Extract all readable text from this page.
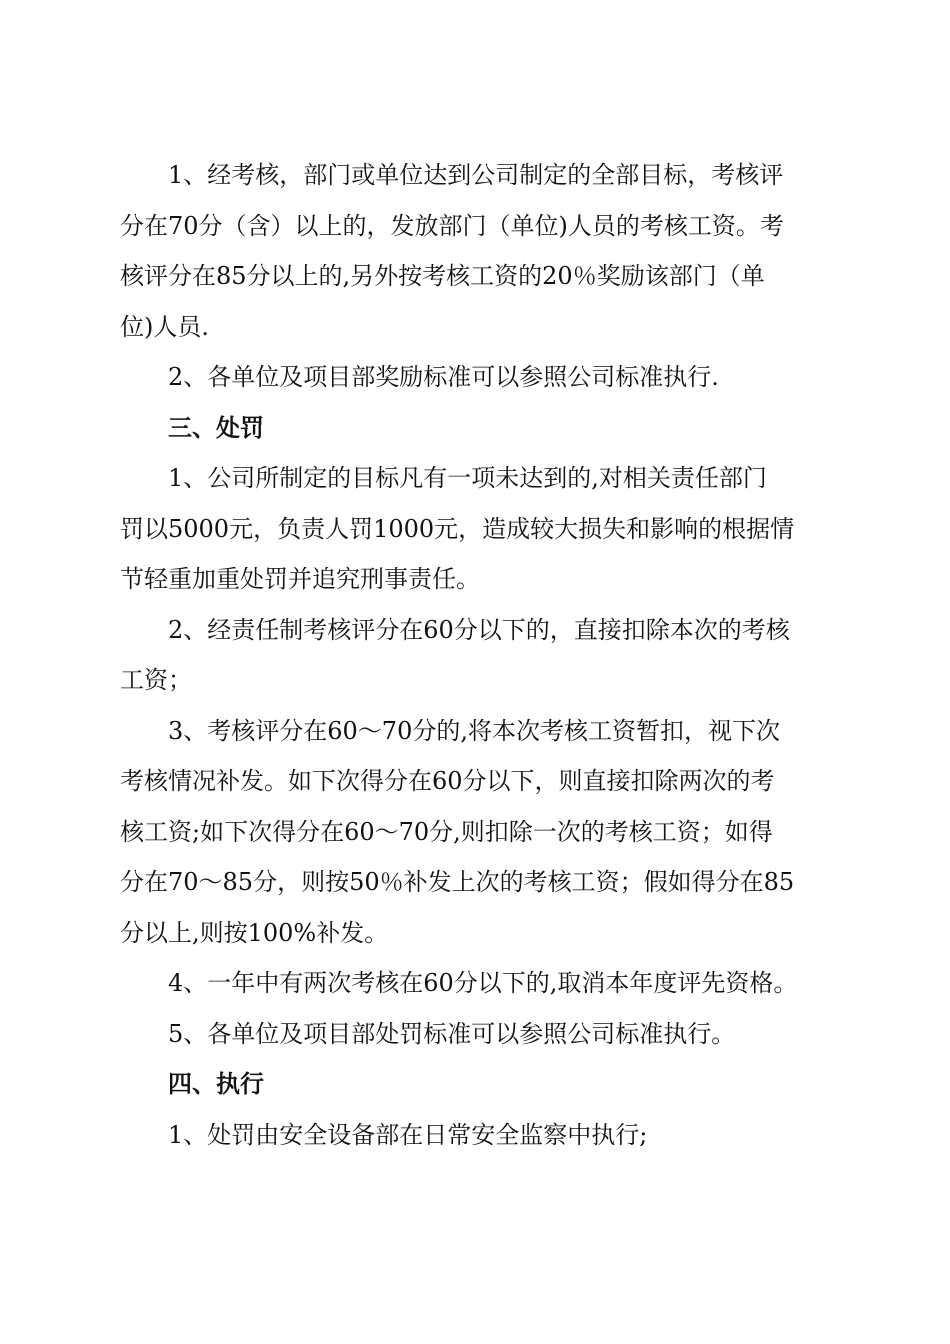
1、经考核，部门或单位达到公司制定的全部目标，考核评
分在70分（含）以上的，发放部门（单位)人员的考核工资。考
核评分在85分以上的,另外按考核工资的20％奖励该部门（单
位)人员.
2、各单位及项目部奖励标准可以参照公司标准执行.
三、处罚
1、公司所制定的目标凡有一项未达到的,对相关责任部门
罚以5000元，负责人罚1000元，造成较大损失和影响的根据情
节轻重加重处罚并追究刑事责任。
2、经责任制考核评分在60分以下的，直接扣除本次的考核
工资；
3、考核评分在60～70分的,将本次考核工资暂扣，视下次
考核情况补发。如下次得分在60分以下，则直接扣除两次的考
核工资;如下次得分在60～70分,则扣除一次的考核工资；如得
分在70～85分，则按50％补发上次的考核工资；假如得分在85
分以上,则按100%补发。
4、一年中有两次考核在60分以下的,取消本年度评先资格。
5、各单位及项目部处罚标准可以参照公司标准执行。
四、执行
1、处罚由安全设备部在日常安全监察中执行;
